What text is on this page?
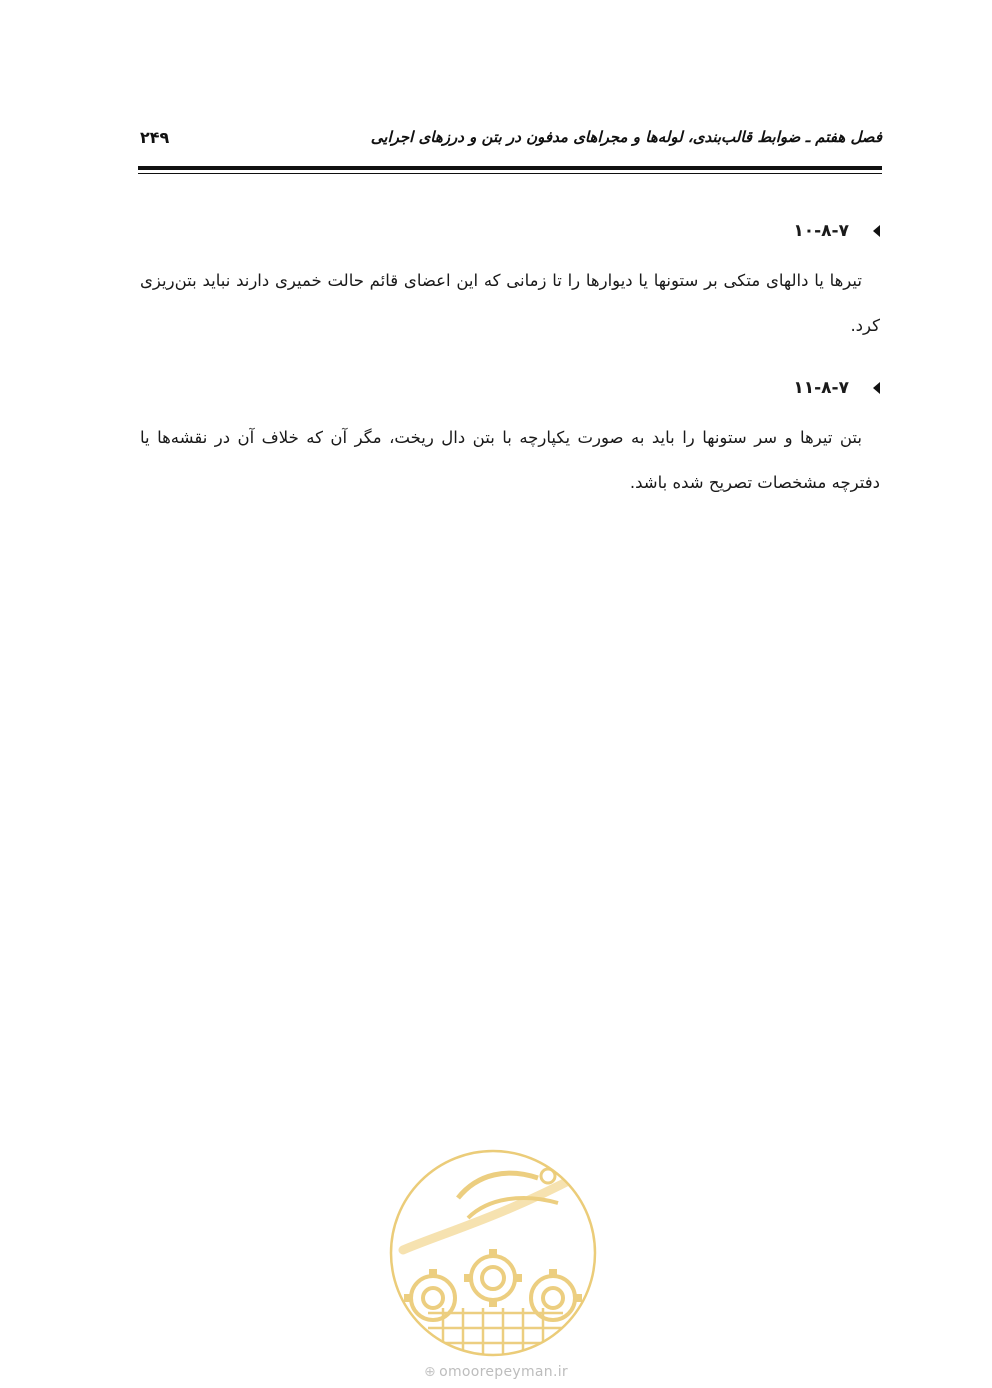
فصل هفتم ـ ضوابط قالب‌بندی، لوله‌ها و مجراهای مدفون در بتن و درزهای اجرایی
۲۴۹
۱۰-۸-۷
تیرها یا دالهای متکی بر ستونها یا دیوارها را تا زمانی که این اعضای قائم حالت خمیری دارند نباید بتن‌ریزی کرد.
۱۱-۸-۷
بتن تیرها و سر ستونها را باید به صورت یکپارچه با بتن دال ریخت، مگر آن که خلاف آن در نقشه‌ها یا دفترچه مشخصات تصریح شده باشد.
⊕ omoorepeyman.ir
